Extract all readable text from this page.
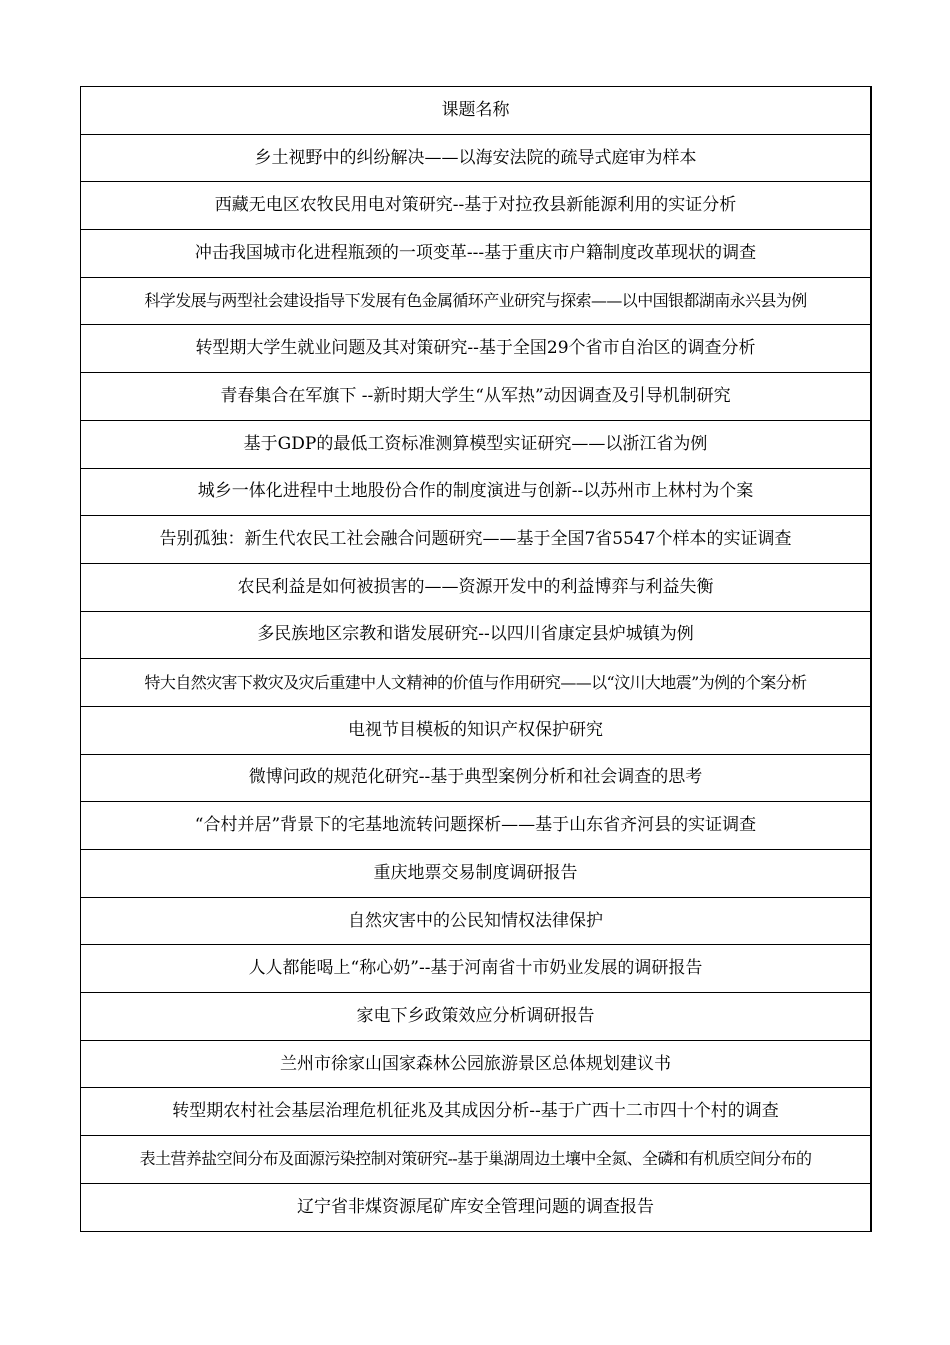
课题名称
乡土视野中的纠纷解决——以海安法院的疏导式庭审为样本
西藏无电区农牧民用电对策研究--基于对拉孜县新能源利用的实证分析
冲击我国城市化进程瓶颈的一项变革---基于重庆市户籍制度改革现状的调查
科学发展与两型社会建设指导下发展有色金属循环产业研究与探索——以中国银都湖南永兴县为例
转型期大学生就业问题及其对策研究--基于全国29个省市自治区的调查分析
青春集合在军旗下 --新时期大学生“从军热”动因调查及引导机制研究
基于GDP的最低工资标准测算模型实证研究——以浙江省为例
城乡一体化进程中土地股份合作的制度演进与创新--以苏州市上林村为个案
告别孤独：新生代农民工社会融合问题研究——基于全国7省5547个样本的实证调查
农民利益是如何被损害的——资源开发中的利益博弈与利益失衡
多民族地区宗教和谐发展研究--以四川省康定县炉城镇为例
特大自然灾害下救灾及灾后重建中人文精神的价值与作用研究——以“汶川大地震”为例的个案分析
电视节目模板的知识产权保护研究
微博问政的规范化研究--基于典型案例分析和社会调查的思考
“合村并居”背景下的宅基地流转问题探析——基于山东省齐河县的实证调查
重庆地票交易制度调研报告
自然灾害中的公民知情权法律保护
人人都能喝上“称心奶”--基于河南省十市奶业发展的调研报告
家电下乡政策效应分析调研报告
兰州市徐家山国家森林公园旅游景区总体规划建议书
转型期农村社会基层治理危机征兆及其成因分析--基于广西十二市四十个村的调查
表土营养盐空间分布及面源污染控制对策研究--基于巢湖周边土壤中全氮、全磷和有机质空间分布的
辽宁省非煤资源尾矿库安全管理问题的调查报告
